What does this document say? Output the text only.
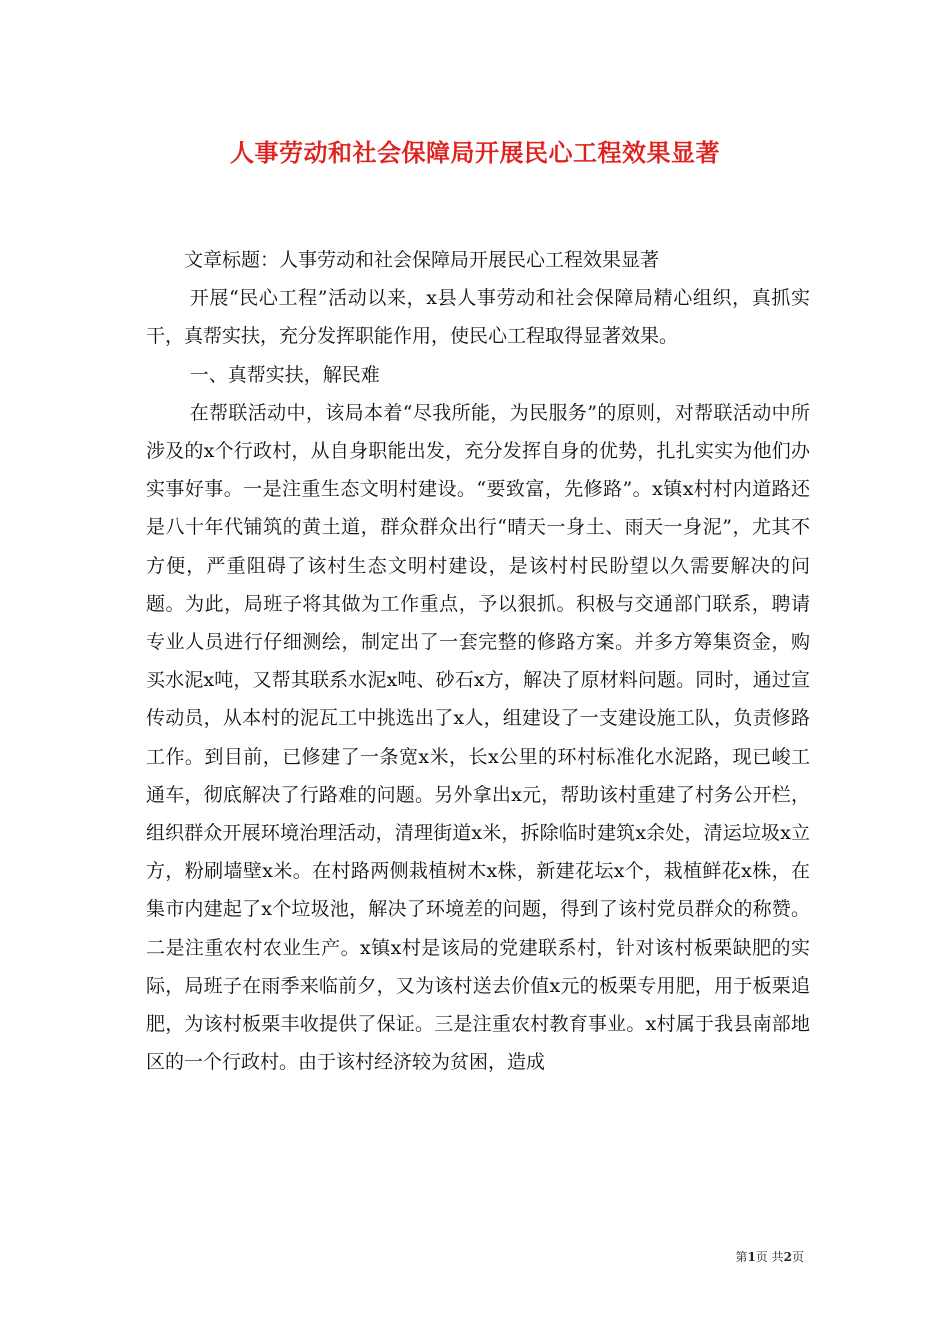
人事劳动和社会保障局开展民心工程效果显著

文章标题：人事劳动和社会保障局开展民心工程效果显著

开展“民心工程”活动以来，x县人事劳动和社会保障局精心组织，真抓实干，真帮实扶，充分发挥职能作用，使民心工程取得显著效果。

一、真帮实扶，解民难

在帮联活动中，该局本着“尽我所能，为民服务”的原则，对帮联活动中所涉及的x个行政村，从自身职能出发，充分发挥自身的优势，扎扎实实为他们办实事好事。一是注重生态文明村建设。“要致富，先修路”。x镇x村村内道路还是八十年代铺筑的黄土道，群众群众出行“晴天一身土、雨天一身泥”，尤其不方便，严重阻碍了该村生态文明村建设，是该村村民盼望以久需要解决的问题。为此，局班子将其做为工作重点，予以狠抓。积极与交通部门联系，聘请专业人员进行仔细测绘，制定出了一套完整的修路方案。并多方筹集资金，购买水泥x吨，又帮其联系水泥x吨、砂石x方，解决了原材料问题。同时，通过宣传动员，从本村的泥瓦工中挑选出了x人，组建设了一支建设施工队，负责修路工作。到目前，已修建了一条宽x米，长x公里的环村标准化水泥路，现已峻工通车，彻底解决了行路难的问题。另外拿出x元，帮助该村重建了村务公开栏，组织群众开展环境治理活动，清理街道x米，拆除临时建筑x余处，清运垃圾x立方，粉刷墙壁x米。在村路两侧栽植树木x株，新建花坛x个，栽植鲜花x株，在集市内建起了x个垃圾池，解决了环境差的问题，得到了该村党员群众的称赞。二是注重农村农业生产。x镇x村是该局的党建联系村，针对该村板栗缺肥的实际，局班子在雨季来临前夕，又为该村送去价值x元的板栗专用肥，用于板栗追肥，为该村板栗丰收提供了保证。三是注重农村教育事业。x村属于我县南部地区的一个行政村。由于该村经济较为贫困，造成

第1页 共2页
